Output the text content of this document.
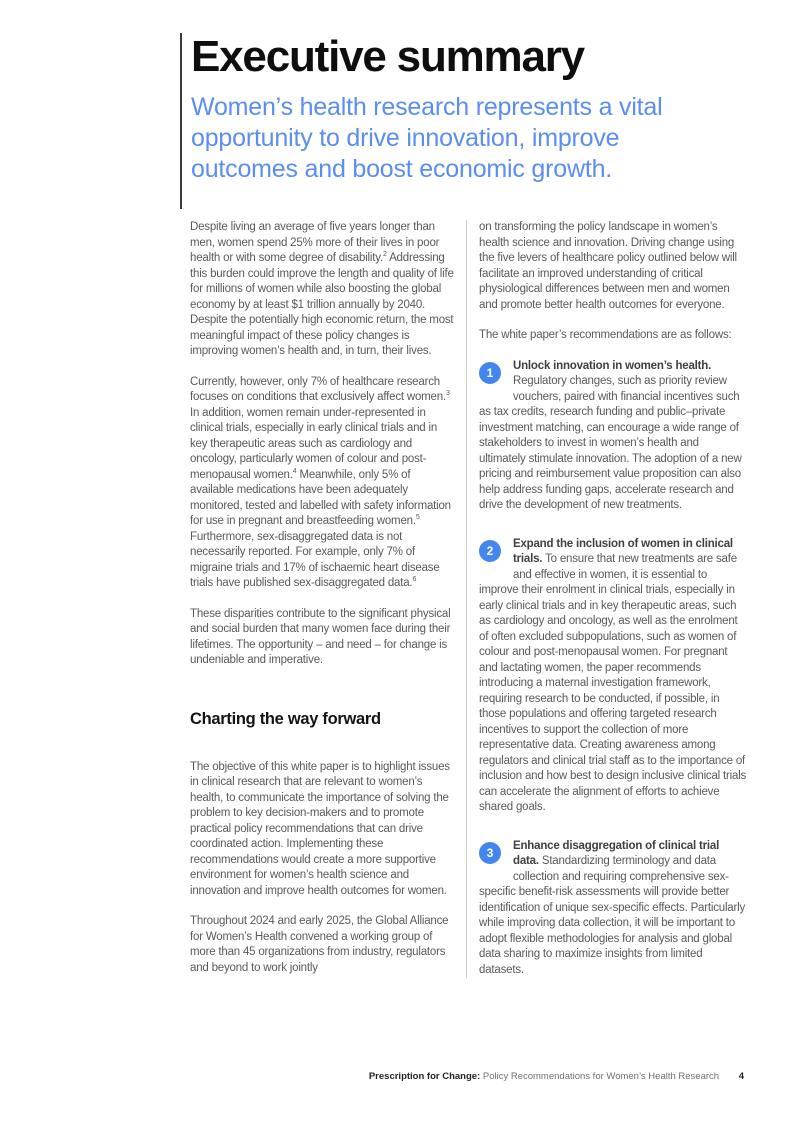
Executive summary

Women’s health research represents a vital opportunity to drive innovation, improve outcomes and boost economic growth.

Despite living an average of five years longer than men, women spend 25% more of their lives in poor health or with some degree of disability.$^2$ Addressing this burden could improve the length and quality of life for millions of women while also boosting the global economy by at least $1 trillion annually by 2040. Despite the potentially high economic return, the most meaningful impact of these policy changes is improving women’s health and, in turn, their lives.

Currently, however, only 7% of healthcare research focuses on conditions that exclusively affect women.$^3$ In addition, women remain under-represented in clinical trials, especially in early clinical trials and in key therapeutic areas such as cardiology and oncology, particularly women of colour and post-menopausal women.$^4$ Meanwhile, only 5% of available medications have been adequately monitored, tested and labelled with safety information for use in pregnant and breastfeeding women.$^5$ Furthermore, sex-disaggregated data is not necessarily reported. For example, only 7% of migraine trials and 17% of ischaemic heart disease trials have published sex-disaggregated data.$^6$

These disparities contribute to the significant physical and social burden that many women face during their lifetimes. The opportunity – and need – for change is undeniable and imperative.

Charting the way forward

The objective of this white paper is to highlight issues in clinical research that are relevant to women’s health, to communicate the importance of solving the problem to key decision-makers and to promote practical policy recommendations that can drive coordinated action. Implementing these recommendations would create a more supportive environment for women’s health science and innovation and improve health outcomes for women.

Throughout 2024 and early 2025, the Global Alliance for Women’s Health convened a working group of more than 45 organizations from industry, regulators and beyond to work jointly

on transforming the policy landscape in women’s health science and innovation. Driving change using the five levers of healthcare policy outlined below will facilitate an improved understanding of critical physiological differences between men and women and promote better health outcomes for everyone.

The white paper’s recommendations are as follows:

1	Unlock innovation in women’s health. Regulatory changes, such as priority review vouchers, paired with financial incentives such as tax credits, research funding and public–private investment matching, can encourage a wide range of stakeholders to invest in women’s health and ultimately stimulate innovation. The adoption of a new pricing and reimbursement value proposition can also help address funding gaps, accelerate research and drive the development of new treatments.

2	Expand the inclusion of women in clinical trials. To ensure that new treatments are safe and effective in women, it is essential to improve their enrolment in clinical trials, especially in early clinical trials and in key therapeutic areas, such as cardiology and oncology, as well as the enrolment of often excluded subpopulations, such as women of colour and post-menopausal women. For pregnant and lactating women, the paper recommends introducing a maternal investigation framework, requiring research to be conducted, if possible, in those populations and offering targeted research incentives to support the collection of more representative data. Creating awareness among regulators and clinical trial staff as to the importance of inclusion and how best to design inclusive clinical trials can accelerate the alignment of efforts to achieve shared goals.

3	Enhance disaggregation of clinical trial data. Standardizing terminology and data collection and requiring comprehensive sex-specific benefit-risk assessments will provide better identification of unique sex-specific effects. Particularly while improving data collection, it will be important to adopt flexible methodologies for analysis and global data sharing to maximize insights from limited datasets.

Prescription for Change: Policy Recommendations for Women’s Health Research 4
